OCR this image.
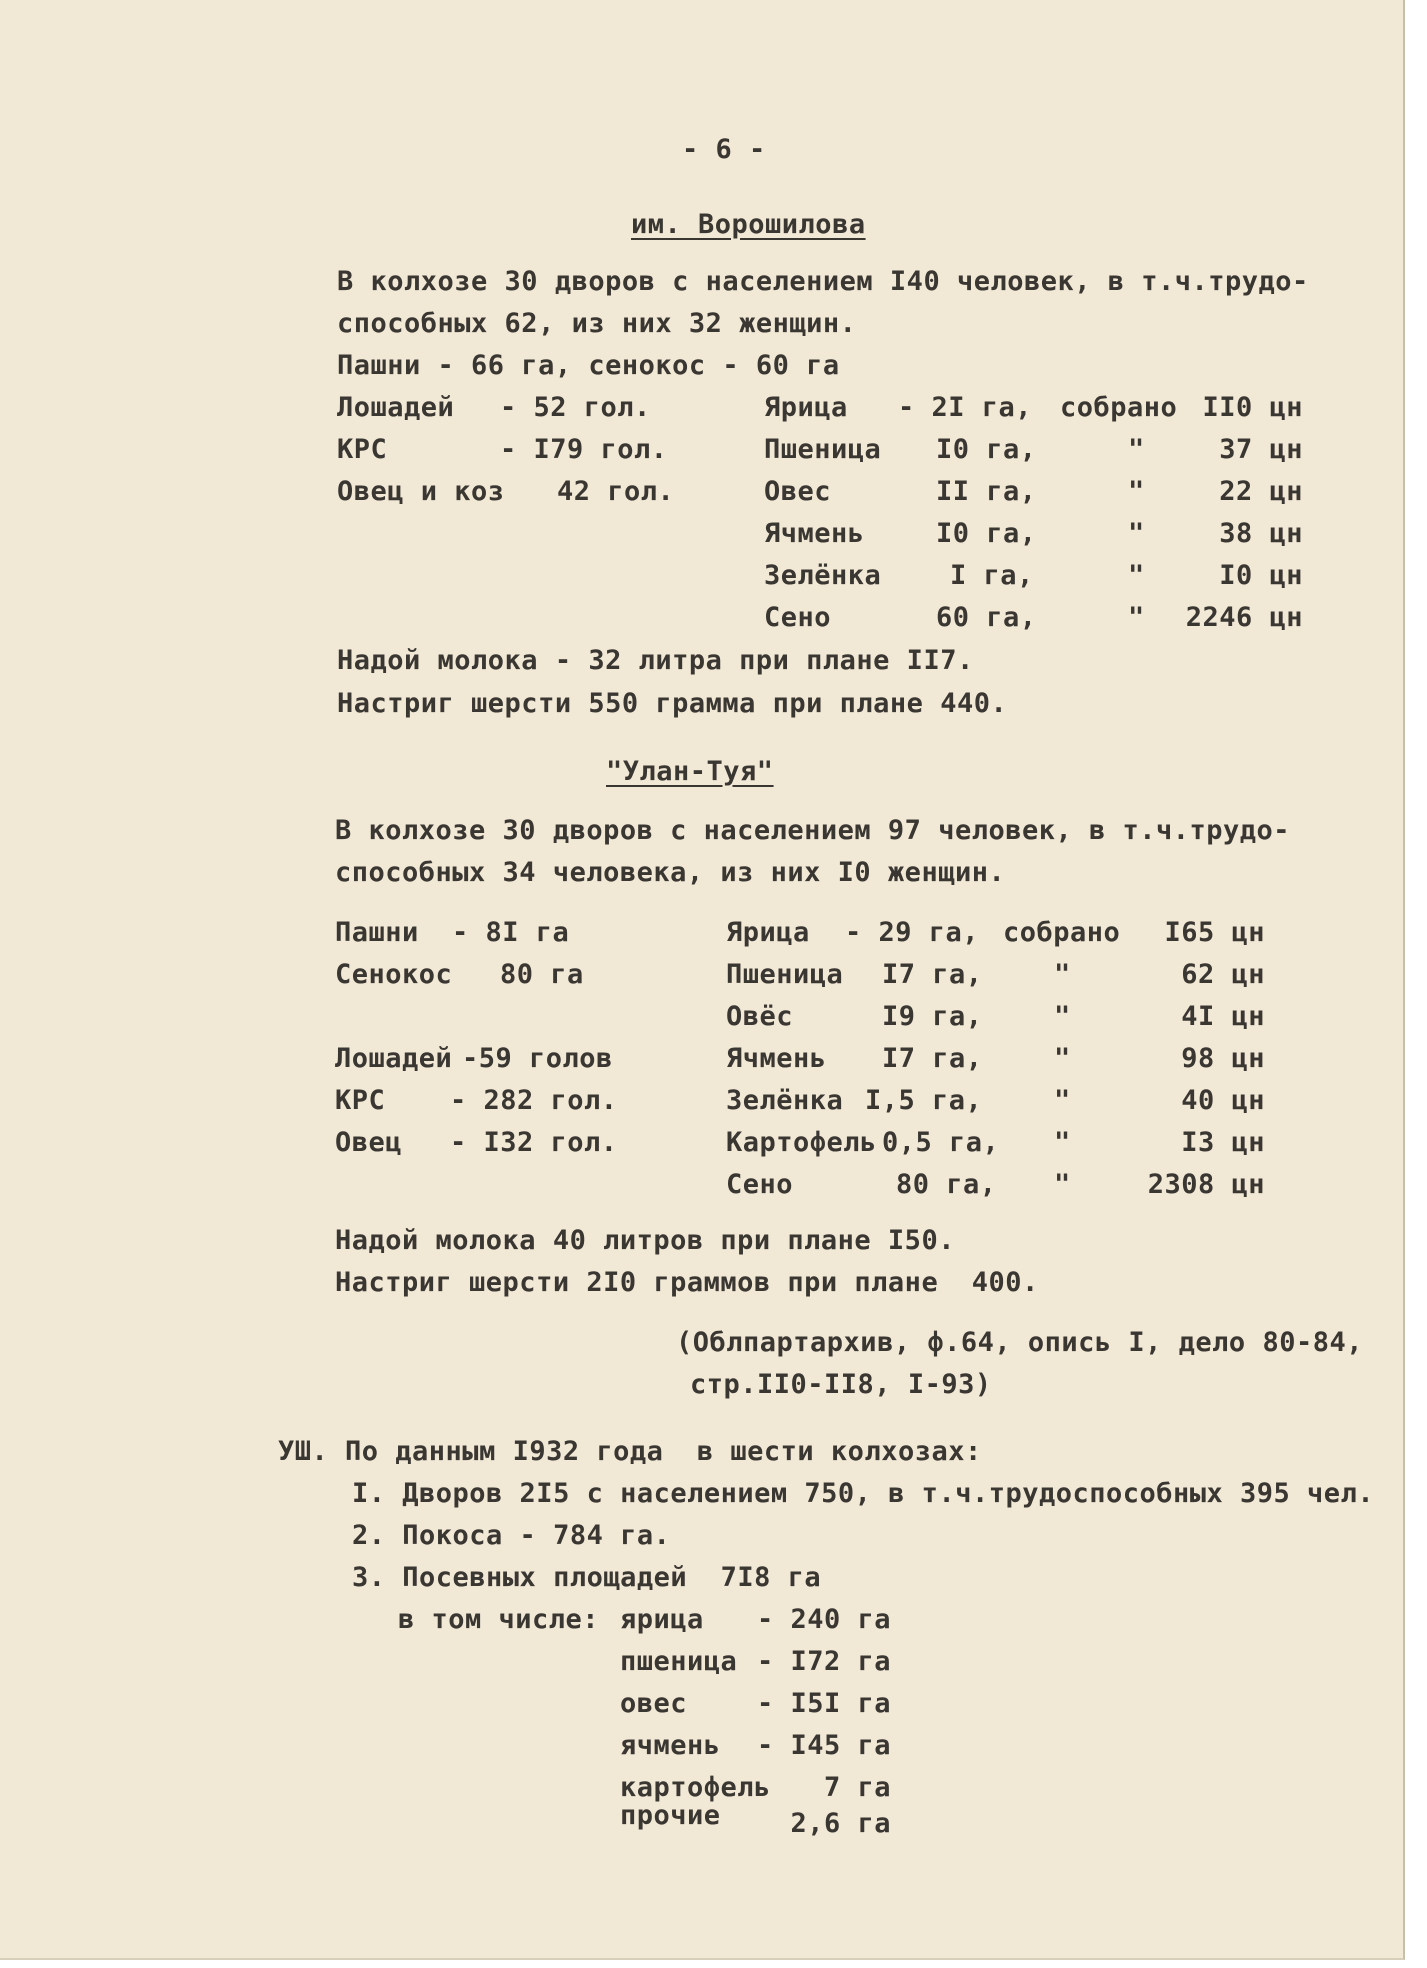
- 6 -
им. Ворошилова
В колхозе 30 дворов с населением I40 человек, в т.ч.трудо-
способных 62, из них 32 женщин.
Пашни - 66 га, сенокос - 60 га
Лошадей - 52 гол.
КРС	- I79 гол.
Овец и коз 42 гол.
Ярица - 2I га, собрано II0 цн
Пшеница I0 га,	"	37 цн
Овес	II га,	"	22 цн
Ячмень	I0 га,	"	38 цн
Зелёнка	I га,	"	I0 цн
Сено	60 га,	" 2246 цн
Надой молока - 32 литра при плане II7.
Настриг шерсти 550 грамма при плане 440.
"Улан-Туя"
В колхозе 30 дворов с населением 97 человек, в т.ч.трудо-
способных 34 человека, из них I0 женщин.
Пашни - 8I га
Сенокос 80 га
Лошадей -59 голов
КРС - 282 гол.
Овец - I32 гол.
Ярица - 29 га, собрано I65 цн
Пшеница I7 га,	"	62 цн
Овёс	I9 га,	"	4I цн
Ячмень I7 га,	"	98 цн
Зелёнка I,5 га,	"	40 цн
Картофель 0,5 га, "	I3 цн
Сено	80 га, "	2308 цн
Надой молока 40 литров при плане I50.
Настриг шерсти 2I0 граммов при плане  400.
(Облпартархив, ф.64, опись I, дело 80-84,
стр.II0-II8, I-93)
УШ. По данным I932 года  в шести колхозах:
I. Дворов 2I5 с населением 750, в т.ч.трудоспособных 395 чел.
2. Покоса - 784 га.
3. Посевных площадей  7I8 га
в том числе: ярица - 240 га
пшеница - I72 га
овес	- I5I га
ячмень - I45 га
картофель 7 га
прочие	2,6 га
